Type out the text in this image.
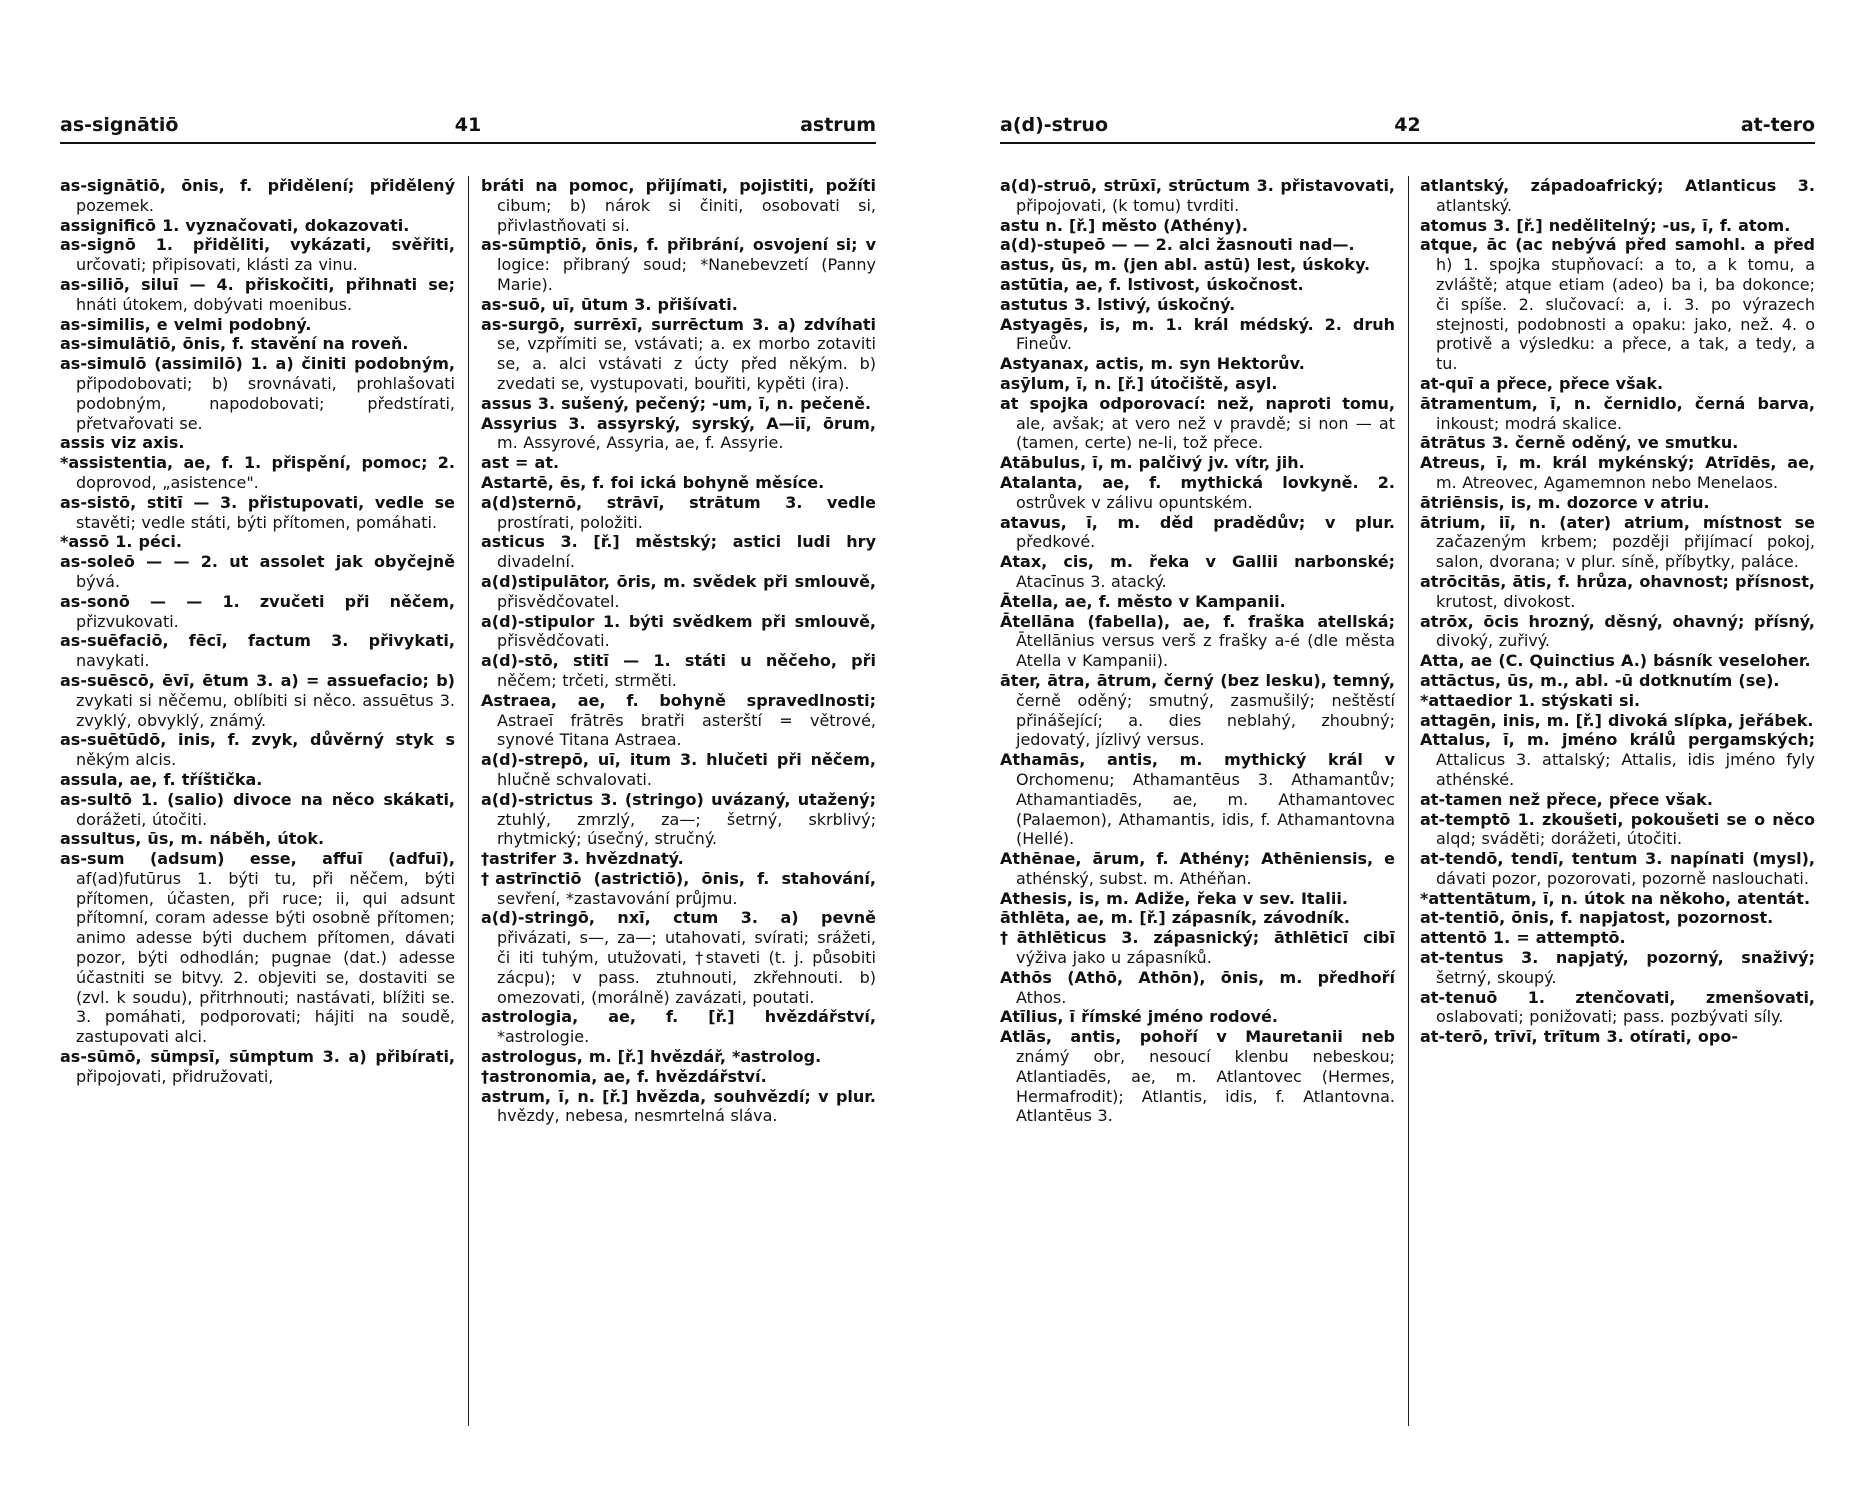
as-signātiō	41	astrum

as-signātiō, ōnis, f. přidělení; přidělený pozemek.

assignificō 1. vyznačovati, dokazovati.

as-signō 1. přiděliti, vykázati, svěřiti, určovati; připisovati, klásti za vinu.

as-siliō, siluī — 4. přiskočiti, přihnati se; hnáti útokem, dobývati moenibus.

as-similis, e velmi podobný.

as-simulātiō, ōnis, f. stavění na roveň.

as-simulō (assimilō) 1. a) činiti podobným, připodobovati; b) srovnávati, prohlašovati podobným, napodobovati; předstírati, přetvařovati se.

assis viz axis.

*assistentia, ae, f. 1. přispění, pomoc; 2. doprovod, „asistence".

as-sistō, stitī — 3. přistupovati, vedle se stavěti; vedle státi, býti přítomen, pomáhati.

*assō 1. péci.

as-soleō — — 2. ut assolet jak obyčejně bývá.

as-sonō — — 1. zvučeti při něčem, přizvukovati.

as-suēfaciō, fēcī, factum 3. přivykati, navykati.

as-suēscō, ēvī, ētum 3. a) = assuefacio; b) zvykati si něčemu, oblíbiti si něco. assuētus 3. zvyklý, obvyklý, známý.

as-suētūdō, inis, f. zvyk, důvěrný styk s někým alcis.

assula, ae, f. tříštička.

as-sultō 1. (salio) divoce na něco skákati, dorážeti, útočiti.

assultus, ūs, m. náběh, útok.

as-sum (adsum) esse, affuī (adfuī), af(ad)futūrus 1. býti tu, při něčem, býti přítomen, účasten, při ruce; ii, qui adsunt přítomní, coram adesse býti osobně přítomen; animo adesse býti duchem přítomen, dávati pozor, býti odhodlán; pugnae (dat.) adesse účastniti se bitvy. 2. objeviti se, dostaviti se (zvl. k soudu), přitrhnouti; nastávati, blížiti se. 3. pomáhati, podporovati; hájiti na soudě, zastupovati alci.

as-sūmō, sūmpsī, sūmptum 3. a) přibírati, připojovati, přidružovati,

bráti na pomoc, přijímati, pojistiti, požíti cibum; b) nárok si činiti, osobovati si, přivlastňovati si.

as-sūmptiō, ōnis, f. přibrání, osvojení si; v logice: přibraný soud; *Nanebevzetí (Panny Marie).

as-suō, uī, ūtum 3. přišívati.

as-surgō, surrēxī, surrēctum 3. a) zdvíhati se, vzpřímiti se, vstávati; a. ex morbo zotaviti se, a. alci vstávati z úcty před někým. b) zvedati se, vystupovati, bouřiti, kypěti (ira).

assus 3. sušený, pečený; -um, ī, n. pečeně.

Assyrius 3. assyrský, syrský, A—iī, ōrum, m. Assyrové, Assyria, ae, f. Assyrie.

ast = at.

Astartē, ēs, f. foi ická bohyně měsíce.

a(d)sternō, strāvī, strātum 3. vedle prostírati, položiti.

asticus 3. [ř.] městský; astici ludi hry divadelní.

a(d)stipulātor, ōris, m. svědek při smlouvě, přisvědčovatel.

a(d)-stipulor 1. býti svědkem při smlouvě, přisvědčovati.

a(d)-stō, stitī — 1. státi u něčeho, při něčem; trčeti, strměti.

Astraea, ae, f. bohyně spravedlnosti; Astraeī frātrēs bratři asterští = větrové, synové Titana Astraea.

a(d)-strepō, uī, itum 3. hlučeti při něčem, hlučně schvalovati.

a(d)-strictus 3. (stringo) uvázaný, utažený; ztuhlý, zmrzlý, za—; šetrný, skrblivý; rhytmický; úsečný, stručný.

†astrifer 3. hvězdnatý.

†astrīnctiō (astrictiō), ōnis, f. stahování, sevření, *zastavování průjmu.

a(d)-stringō, nxī, ctum 3. a) pevně přivázati, s—, za—; utahovati, svírati; srážeti, či iti tuhým, utužovati, †staveti (t. j. působiti zácpu); v pass. ztuhnouti, zkřehnouti. b) omezovati, (morálně) zavázati, poutati.

astrologia, ae, f. [ř.] hvězdářství, *astrologie.

astrologus, m. [ř.] hvězdář, *astrolog.

†astronomia, ae, f. hvězdářství.

astrum, ī, n. [ř.] hvězda, souhvězdí; v plur. hvězdy, nebesa, nesmrtelná sláva.

a(d)-struo	42	at-tero

a(d)-struō, strūxī, strūctum 3. přistavovati, připojovati, (k tomu) tvrditi.

astu n. [ř.] město (Athény).

a(d)-stupeō — — 2. alci žasnouti nad—.

astus, ūs, m. (jen abl. astū) lest, úskoky.

astūtia, ae, f. lstivost, úskočnost.

astutus 3. lstivý, úskočný.

Astyagēs, is, m. 1. král médský. 2. druh Fineův.

Astyanax, actis, m. syn Hektorův.

asȳlum, ī, n. [ř.] útočiště, asyl.

at spojka odporovací: než, naproti tomu, ale, avšak; at vero než v pravdě; si non — at (tamen, certe) ne-li, tož přece.

Atābulus, ī, m. palčivý jv. vítr, jih.

Atalanta, ae, f. mythická lovkyně. 2. ostrůvek v zálivu opuntském.

atavus, ī, m. děd pradědův; v plur. předkové.

Atax, cis, m. řeka v Gallii narbonské; Atacīnus 3. atacký.

Ātella, ae, f. město v Kampanii.

Ātellāna (fabella), ae, f. fraška atellská; Ātellānius versus verš z frašky a-é (dle města Atella v Kampanii).

āter, ātra, ātrum, černý (bez lesku), temný, černě oděný; smutný, zasmušilý; neštěstí přinášející; a. dies neblahý, zhoubný; jedovatý, jízlivý versus.

Athamās, antis, m. mythický král v Orchomenu; Athamantēus 3. Athamantův; Athamantiadēs, ae, m. Athamantovec (Palaemon), Athamantis, idis, f. Athamantovna (Hellé).

Athēnae, ārum, f. Athény; Athēniensis, e athénský, subst. m. Athéňan.

Athesis, is, m. Adiže, řeka v sev. Italii.

āthlēta, ae, m. [ř.] zápasník, závodník.

†āthlēticus 3. zápasnický; āthlēticī cibī výživa jako u zápasníků.

Athōs (Athō, Athōn), ōnis, m. předhoří Athos.

Atīlius, ī římské jméno rodové.

Atlās, antis, pohoří v Mauretanii neb známý obr, nesoucí klenbu nebeskou; Atlantiadēs, ae, m. Atlantovec (Hermes, Hermafrodit); Atlantis, idis, f. Atlantovna. Atlantēus 3.

atlantský, západoafrický; Atlanticus 3. atlantský.

atomus 3. [ř.] nedělitelný; -us, ī, f. atom.

atque, āc (ac nebývá před samohl. a před h) 1. spojka stupňovací: a to, a k tomu, a zvláště; atque etiam (adeo) ba i, ba dokonce; či spíše. 2. slučovací: a, i. 3. po výrazech stejnosti, podobnosti a opaku: jako, než. 4. o protivě a výsledku: a přece, a tak, a tedy, a tu.

at-quī a přece, přece však.

ātramentum, ī, n. černidlo, černá barva, inkoust; modrá skalice.

ātrātus 3. černě oděný, ve smutku.

Atreus, ī, m. král mykénský; Atrīdēs, ae, m. Atreovec, Agamemnon nebo Menelaos.

ātriēnsis, is, m. dozorce v atriu.

ātrium, iī, n. (ater) atrium, místnost se začazeným krbem; později přijímací pokoj, salon, dvorana; v plur. síně, příbytky, paláce.

atrōcitās, ātis, f. hrůza, ohavnost; přísnost, krutost, divokost.

atrōx, ōcis hrozný, děsný, ohavný; přísný, divoký, zuřivý.

Atta, ae (C. Quinctius A.) básník veseloher.

attāctus, ūs, m., abl. -ū dotknutím (se).

*attaedior 1. stýskati si.

attagēn, inis, m. [ř.] divoká slípka, jeřábek.

Attalus, ī, m. jméno králů pergamských; Attalicus 3. attalský; Attalis, idis jméno fyly athénské.

at-tamen než přece, přece však.

at-temptō 1. zkoušeti, pokoušeti se o něco alqd; sváděti; dorážeti, útočiti.

at-tendō, tendī, tentum 3. napínati (mysl), dávati pozor, pozorovati, pozorně naslouchati.

*attentātum, ī, n. útok na někoho, atentát.

at-tentiō, ōnis, f. napjatost, pozornost.

attentō 1. = attemptō.

at-tentus 3. napjatý, pozorný, snaživý; šetrný, skoupý.

at-tenuō 1. ztenčovati, zmenšovati, oslabovati; ponižovati; pass. pozbývati síly.

at-terō, trīvī, trītum 3. otírati, opo-
